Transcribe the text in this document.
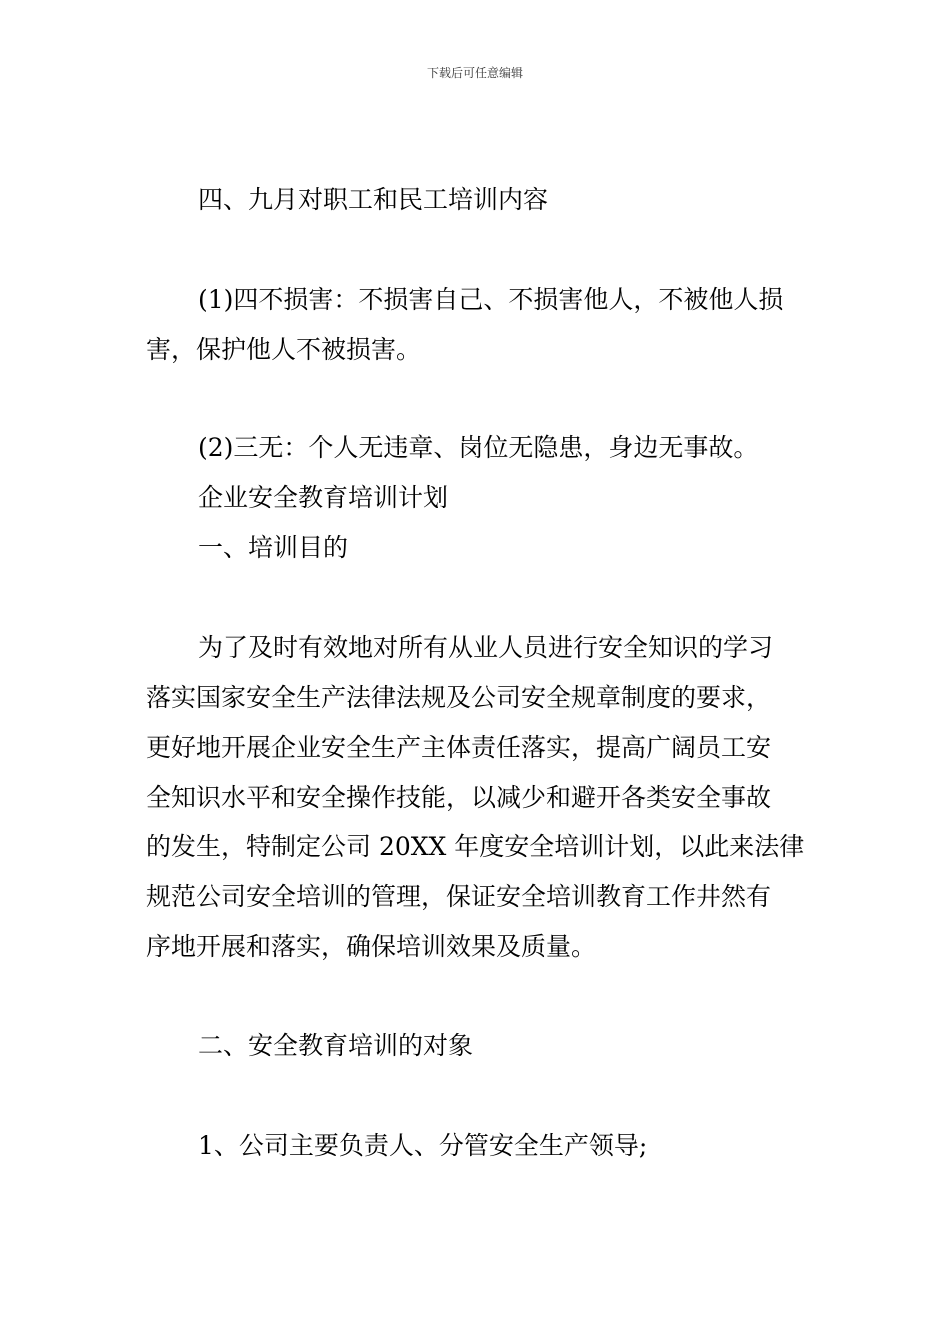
下载后可任意编辑
四、九月对职工和民工培训内容
(1)四不损害：不损害自己、不损害他人，不被他人损
害，保护他人不被损害。
(2)三无：个人无违章、岗位无隐患，身边无事故。
企业安全教育培训计划
一、培训目的
为了及时有效地对所有从业人员进行安全知识的学习
落实国家安全生产法律法规及公司安全规章制度的要求，
更好地开展企业安全生产主体责任落实，提高广阔员工安
全知识水平和安全操作技能，以减少和避开各类安全事故
的发生，特制定公司 20XX 年度安全培训计划，以此来法律
规范公司安全培训的管理，保证安全培训教育工作井然有
序地开展和落实，确保培训效果及质量。
二、安全教育培训的对象
1、公司主要负责人、分管安全生产领导;
